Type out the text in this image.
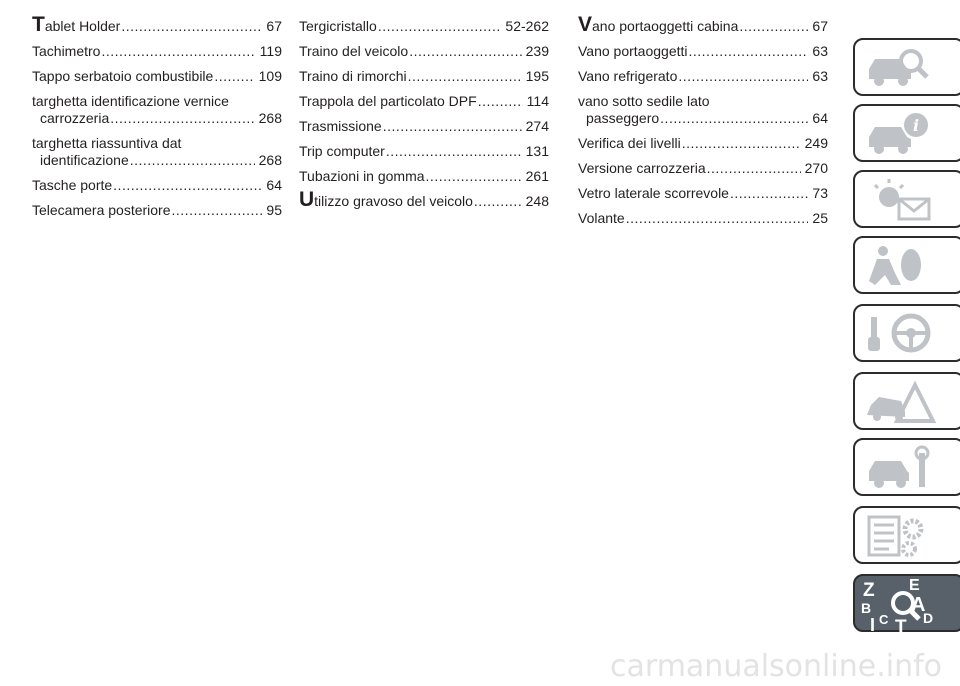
Tablet Holder .....	67
Tachimetro .....	119
Tappo serbatoio combustibile .....	109
targhetta identificazione vernice
carrozzeria .....	268
targhetta riassuntiva dat
identificazione .....	268
Tasche porte .....	64
Telecamera posteriore .....	95
Tergicristallo .....	52-262
Traino del veicolo .....	239
Traino di rimorchi .....	195
Trappola del particolato DPF .....	114
Trasmissione .....	274
Trip computer .....	131
Tubazioni in gomma .....	261
Utilizzo gravoso del veicolo .....	248
Vano portaoggetti cabina .....	67
Vano portaoggetti .....	63
Vano refrigerato .....	63
vano sotto sedile lato
passeggero .....	64
Verifica dei livelli .....	249
Versione carrozzeria .....	270
Vetro laterale scorrevole .....	73
Volante .....	25
i
Z E
B A
C D
I T
carmanualsonline.info
